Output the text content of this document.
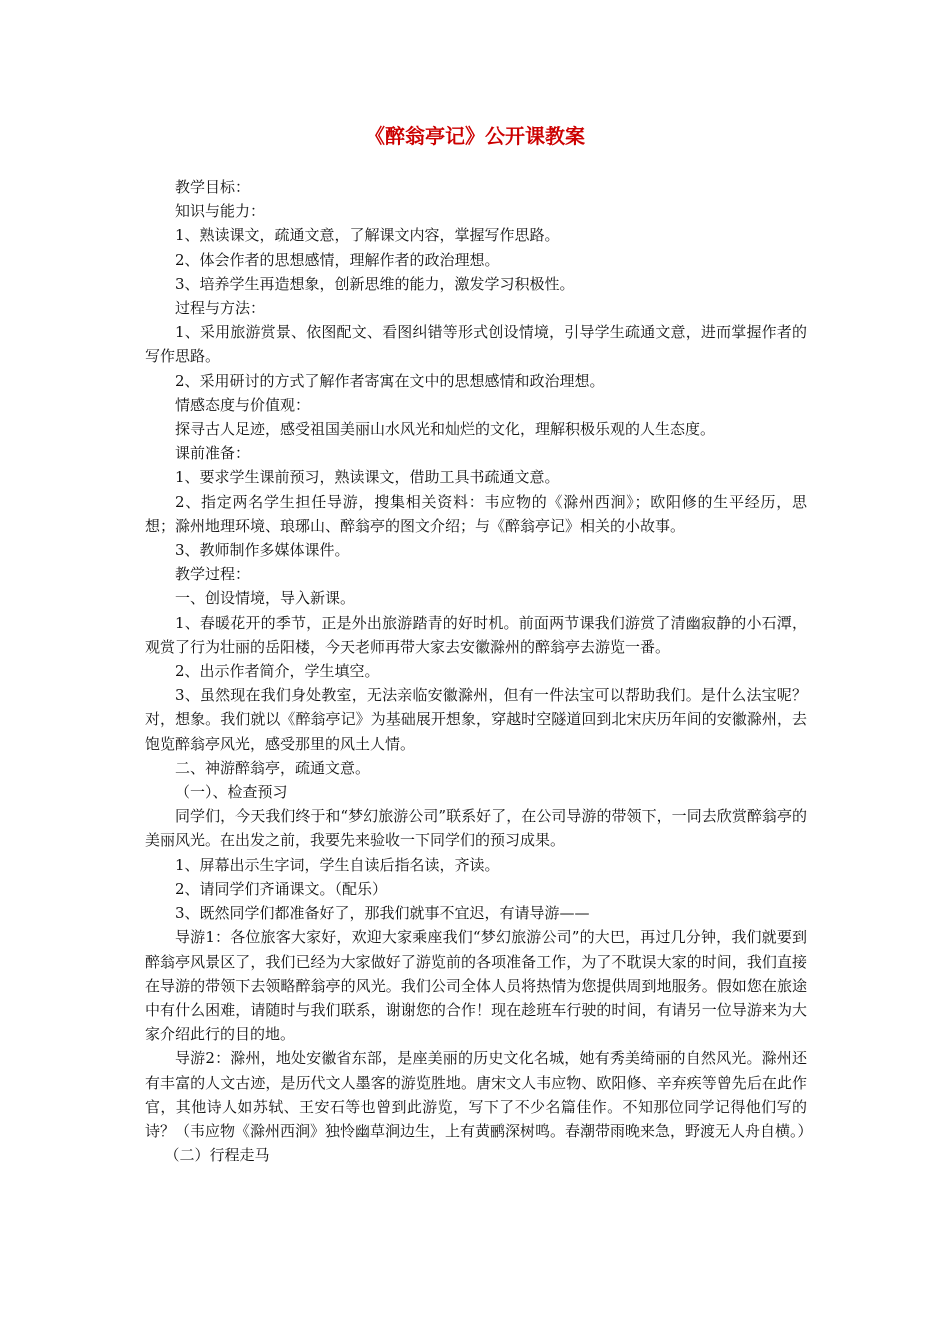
《醉翁亭记》公开课教案

教学目标：

知识与能力：

1、熟读课文，疏通文意，了解课文内容，掌握写作思路。

2、体会作者的思想感情，理解作者的政治理想。

3、培养学生再造想象，创新思维的能力，激发学习积极性。

过程与方法：

1、采用旅游赏景、依图配文、看图纠错等形式创设情境，引导学生疏通文意，进而掌握作者的写作思路。

2、采用研讨的方式了解作者寄寓在文中的思想感情和政治理想。

情感态度与价值观：

探寻古人足迹，感受祖国美丽山水风光和灿烂的文化，理解积极乐观的人生态度。

课前准备：

1、要求学生课前预习，熟读课文，借助工具书疏通文意。

2、指定两名学生担任导游，搜集相关资料：韦应物的《滁州西涧》；欧阳修的生平经历，思想；滁州地理环境、琅琊山、醉翁亭的图文介绍；与《醉翁亭记》相关的小故事。

3、教师制作多媒体课件。

教学过程：

一、创设情境，导入新课。

1、春暖花开的季节，正是外出旅游踏青的好时机。前面两节课我们游赏了清幽寂静的小石潭，观赏了行为壮丽的岳阳楼，今天老师再带大家去安徽滁州的醉翁亭去游览一番。

2、出示作者简介，学生填空。

3、虽然现在我们身处教室，无法亲临安徽滁州，但有一件法宝可以帮助我们。是什么法宝呢？对，想象。我们就以《醉翁亭记》为基础展开想象，穿越时空隧道回到北宋庆历年间的安徽滁州，去饱览醉翁亭风光，感受那里的风土人情。

二、神游醉翁亭，疏通文意。

（一）、检查预习

同学们，今天我们终于和“梦幻旅游公司”联系好了，在公司导游的带领下，一同去欣赏醉翁亭的美丽风光。在出发之前，我要先来验收一下同学们的预习成果。

1、屏幕出示生字词，学生自读后指名读，齐读。

2、请同学们齐诵课文。（配乐）

3、既然同学们都准备好了，那我们就事不宜迟，有请导游——

导游1：各位旅客大家好，欢迎大家乘座我们“梦幻旅游公司”的大巴，再过几分钟，我们就要到醉翁亭风景区了，我们已经为大家做好了游览前的各项准备工作，为了不耽误大家的时间，我们直接在导游的带领下去领略醉翁亭的风光。我们公司全体人员将热情为您提供周到地服务。假如您在旅途中有什么困难，请随时与我们联系，谢谢您的合作！现在趁班车行驶的时间，有请另一位导游来为大家介绍此行的目的地。

导游2：滁州，地处安徽省东部，是座美丽的历史文化名城，她有秀美绮丽的自然风光。滁州还有丰富的人文古迹，是历代文人墨客的游览胜地。唐宋文人韦应物、欧阳修、辛弃疾等曾先后在此作官，其他诗人如苏轼、王安石等也曾到此游览，写下了不少名篇佳作。不知那位同学记得他们写的诗？（韦应物《滁州西涧》独怜幽草涧边生，上有黄鹂深树鸣。春潮带雨晚来急，野渡无人舟自横。）

（二）行程走马
